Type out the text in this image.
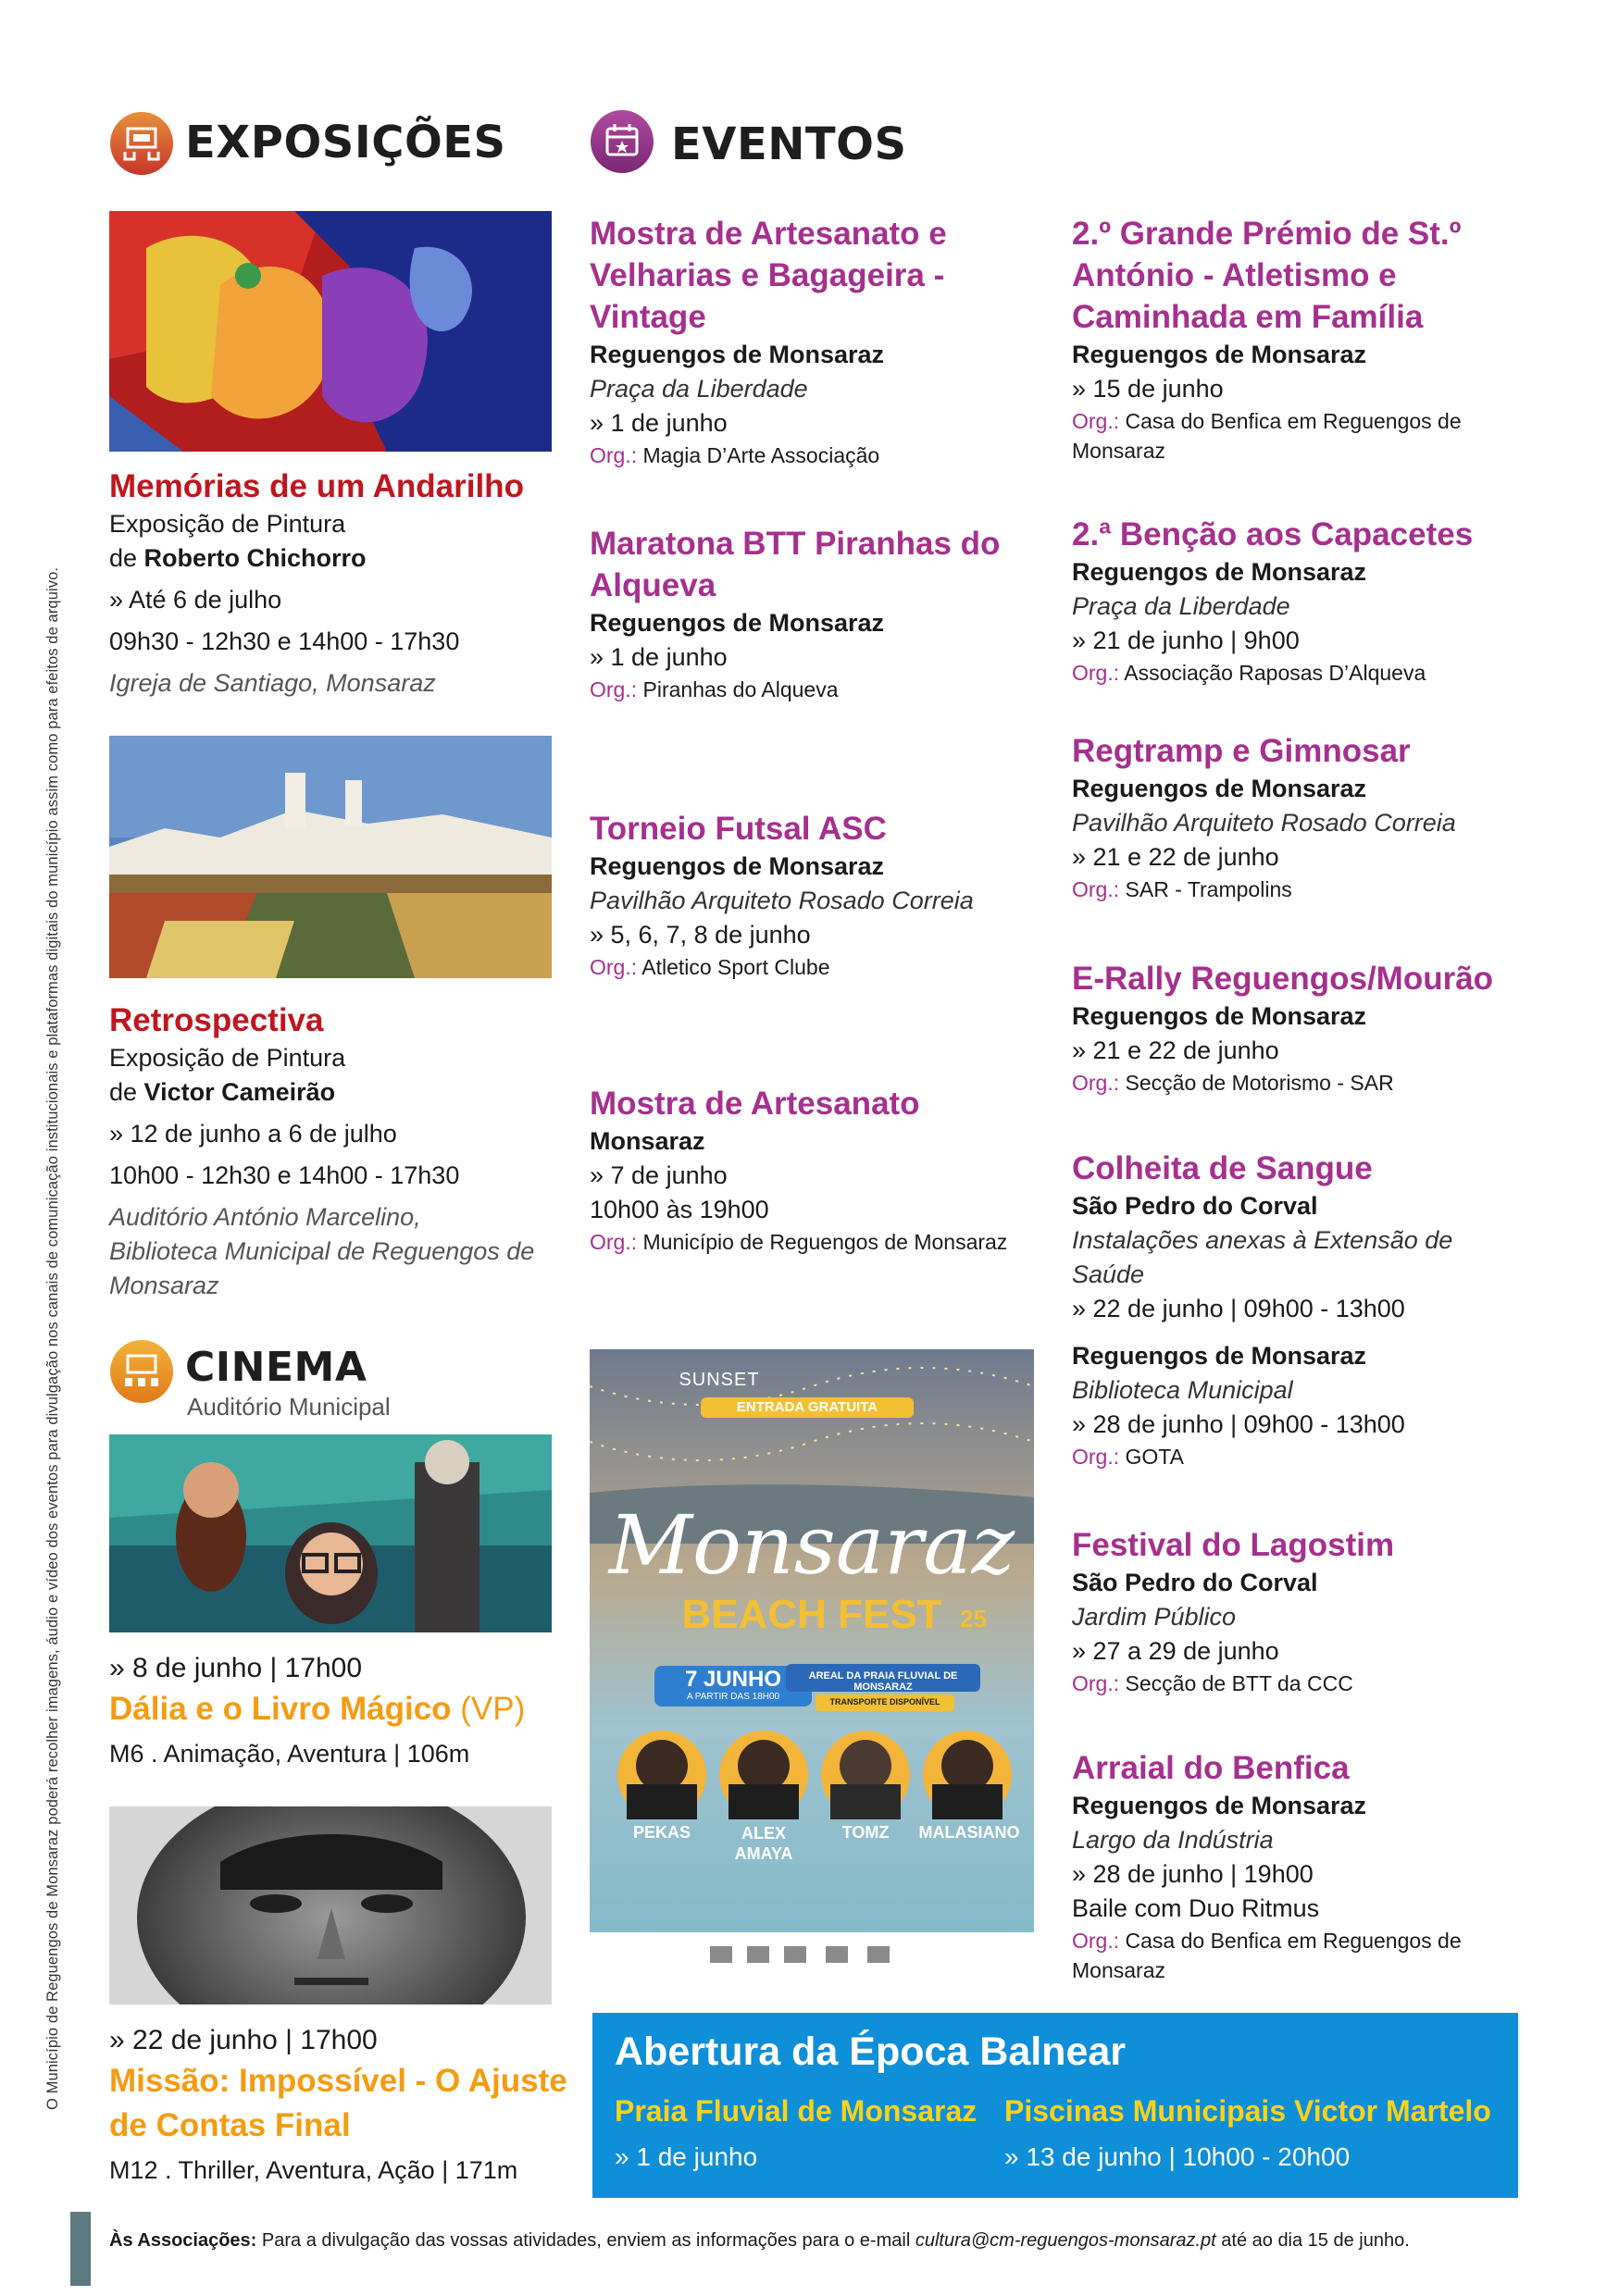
O Município de Reguengos de Monsaraz poderá recolher imagens, áudio e vídeo dos eventos para divulgação nos canais de comunicação institucionais e plataformas digitais do município assim como para efeitos de arquivo.
EXPOSIÇÕES	EVENTOS
Memórias de um Andarilho
Exposição de Pintura
de Roberto Chichorro
» Até 6 de julho
09h30 - 12h30 e 14h00 - 17h30
Igreja de Santiago, Monsaraz
Retrospectiva
Exposição de Pintura
de Victor Cameirão
» 12 de junho a 6 de julho
10h00 - 12h30 e 14h00 - 17h30
Auditório António Marcelino,
Biblioteca Municipal de Reguengos de
Monsaraz
CINEMA
Auditório Municipal
» 8 de junho | 17h00
Dália e o Livro Mágico (VP)
M6 . Animação, Aventura | 106m
» 22 de junho | 17h00
Missão: Impossível - O Ajuste
de Contas Final
M12 . Thriller, Aventura, Ação | 171m
Mostra de Artesanato e
Velharias e Bagageira - Vintage
Reguengos de Monsaraz
Praça da Liberdade
» 1 de junho
Org.: Magia D’Arte Associação
Maratona BTT Piranhas do
Alqueva
Reguengos de Monsaraz
» 1 de junho
Org.: Piranhas do Alqueva
Torneio Futsal ASC
Reguengos de Monsaraz
Pavilhão Arquiteto Rosado Correia
» 5, 6, 7, 8 de junho
Org.: Atletico Sport Clube
Mostra de Artesanato
Monsaraz
» 7 de junho
10h00 às 19h00
Org.: Município de Reguengos de Monsaraz
SUNSET
ENTRADA GRATUITA
Monsaraz
BEACH FEST 25
7 JUNHO
A PARTIR DAS 18H00
AREAL DA PRAIA FLUVIAL DE MONSARAZ
TRANSPORTE DISPONÍVEL
PEKAS	ALEX AMAYA
TOMZ	MALASIANO
2.º Grande Prémio de St.º
António - Atletismo e
Caminhada em Família
Reguengos de Monsaraz
» 15 de junho
Org.: Casa do Benfica em Reguengos de
Monsaraz
2.ª Benção aos Capacetes
Reguengos de Monsaraz
Praça da Liberdade
» 21 de junho | 9h00
Org.: Associação Raposas D’Alqueva
Regtramp e Gimnosar
Reguengos de Monsaraz
Pavilhão Arquiteto Rosado Correia
» 21 e 22 de junho
Org.: SAR - Trampolins
E-Rally Reguengos/Mourão
Reguengos de Monsaraz
» 21 e 22 de junho
Org.: Secção de Motorismo - SAR
Colheita de Sangue
São Pedro do Corval
Instalações anexas à Extensão de
Saúde
» 22 de junho | 09h00 - 13h00
Reguengos de Monsaraz
Biblioteca Municipal
» 28 de junho | 09h00 - 13h00
Org.: GOTA
Festival do Lagostim
São Pedro do Corval
Jardim Público
» 27 a 29 de junho
Org.: Secção de BTT da CCC
Arraial do Benfica
Reguengos de Monsaraz
Largo da Indústria
» 28 de junho | 19h00
Baile com Duo Ritmus
Org.: Casa do Benfica em Reguengos de
Monsaraz
Abertura da Época Balnear
Praia Fluvial de Monsaraz
» 1 de junho
Piscinas Municipais Victor Martelo
» 13 de junho | 10h00 - 20h00
Às Associações: Para a divulgação das vossas atividades, enviem as informações para o e-mail cultura@cm-reguengos-monsaraz.pt até ao dia 15 de junho.
